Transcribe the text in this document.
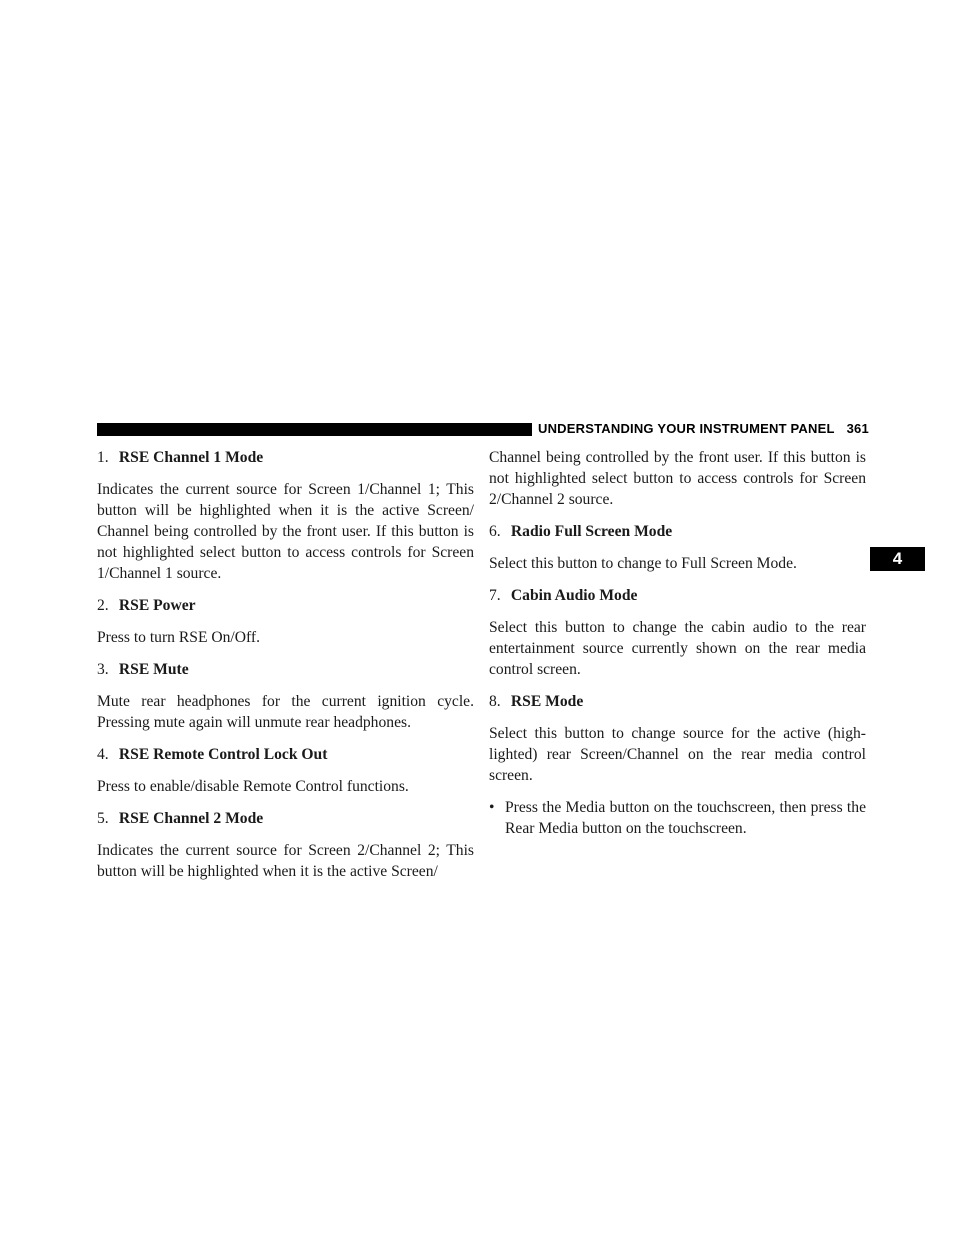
UNDERSTANDING YOUR INSTRUMENT PANEL 361
4
1. RSE Channel 1 Mode
Indicates the current source for Screen 1/Channel 1; This button will be highlighted when it is the active Screen/ Channel being controlled by the front user. If this button is not highlighted select button to access controls for Screen 1/Channel 1 source.
2. RSE Power
Press to turn RSE On/Off.
3. RSE Mute
Mute rear headphones for the current ignition cycle. Pressing mute again will unmute rear headphones.
4. RSE Remote Control Lock Out
Press to enable/disable Remote Control functions.
5. RSE Channel 2 Mode
Indicates the current source for Screen 2/Channel 2; This button will be highlighted when it is the active Screen/
Channel being controlled by the front user. If this button is not highlighted select button to access controls for Screen 2/Channel 2 source.
6. Radio Full Screen Mode
Select this button to change to Full Screen Mode.
7. Cabin Audio Mode
Select this button to change the cabin audio to the rear entertainment source currently shown on the rear media control screen.
8. RSE Mode
Select this button to change source for the active (high- lighted) rear Screen/Channel on the rear media control screen.
• Press the Media button on the touchscreen, then press the Rear Media button on the touchscreen.
